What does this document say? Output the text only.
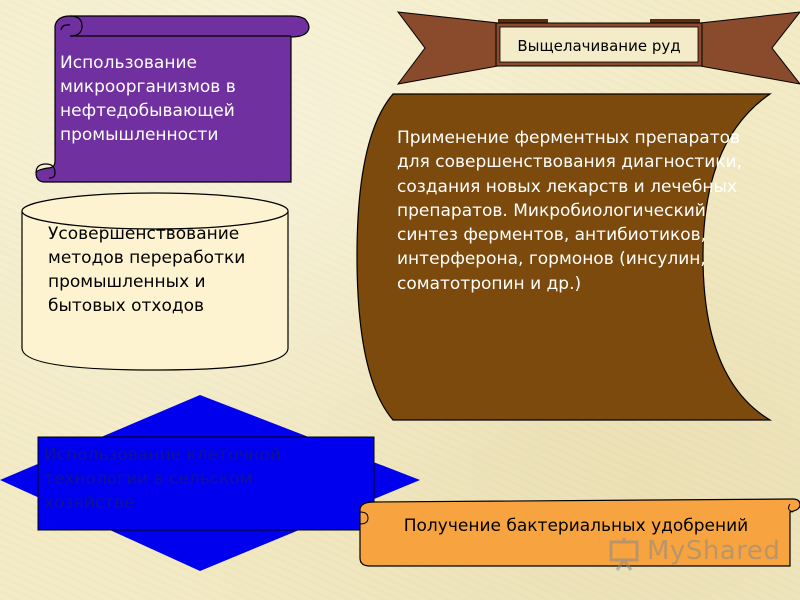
Использование микроорганизмов в нефтедобывающей промышленности

Усовершенствование методов переработки промышленных и бытовых отходов

Использование клеточной технологии в сельском хозяйстве

Применение ферментных препаратов для совершенствования диагностики, создания новых лекарств и лечебных препаратов. Микробиологический синтез ферментов, антибиотиков, интерферона, гормонов (инсулин, соматотропин и др.)

Выщелачивание руд

Получение бактериальных удобрений

MyShared
